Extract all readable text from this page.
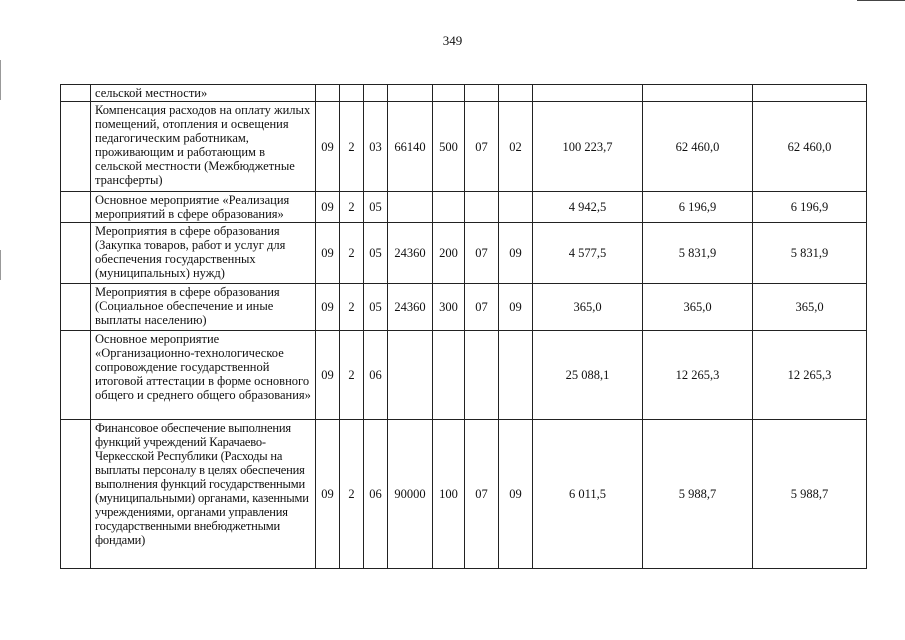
349
	сельской местности»										
	Компенсация расходов на оплату жилых помещений, отопления и освещения педагогическим работникам, проживающим и работающим в сельской местности (Межбюджетные трансферты)	09	2	03	66140	500	07	02	100 223,7	62 460,0	62 460,0
	Основное мероприятие «Реализация мероприятий в сфере образования»	09	2	05					4 942,5	6 196,9	6 196,9
	Мероприятия в сфере образования (Закупка товаров, работ и услуг для обеспечения государственных (муниципальных) нужд)	09	2	05	24360	200	07	09	4 577,5	5 831,9	5 831,9
	Мероприятия в сфере образования (Социальное обеспечение и иные выплаты населению)	09	2	05	24360	300	07	09	365,0	365,0	365,0
	Основное мероприятие «Организационно-технологическое сопровождение государственной итоговой аттестации в форме основного общего и среднего общего образования»	09	2	06					25 088,1	12 265,3	12 265,3
	Финансовое обеспечение выполнения функций учреждений Карачаево-Черкесской Республики (Расходы на выплаты персоналу в целях обеспечения выполнения функций государственными (муниципальными) органами, казенными учреждениями, органами управления государственными внебюджетными фондами)	09	2	06	90000	100	07	09	6 011,5	5 988,7	5 988,7
